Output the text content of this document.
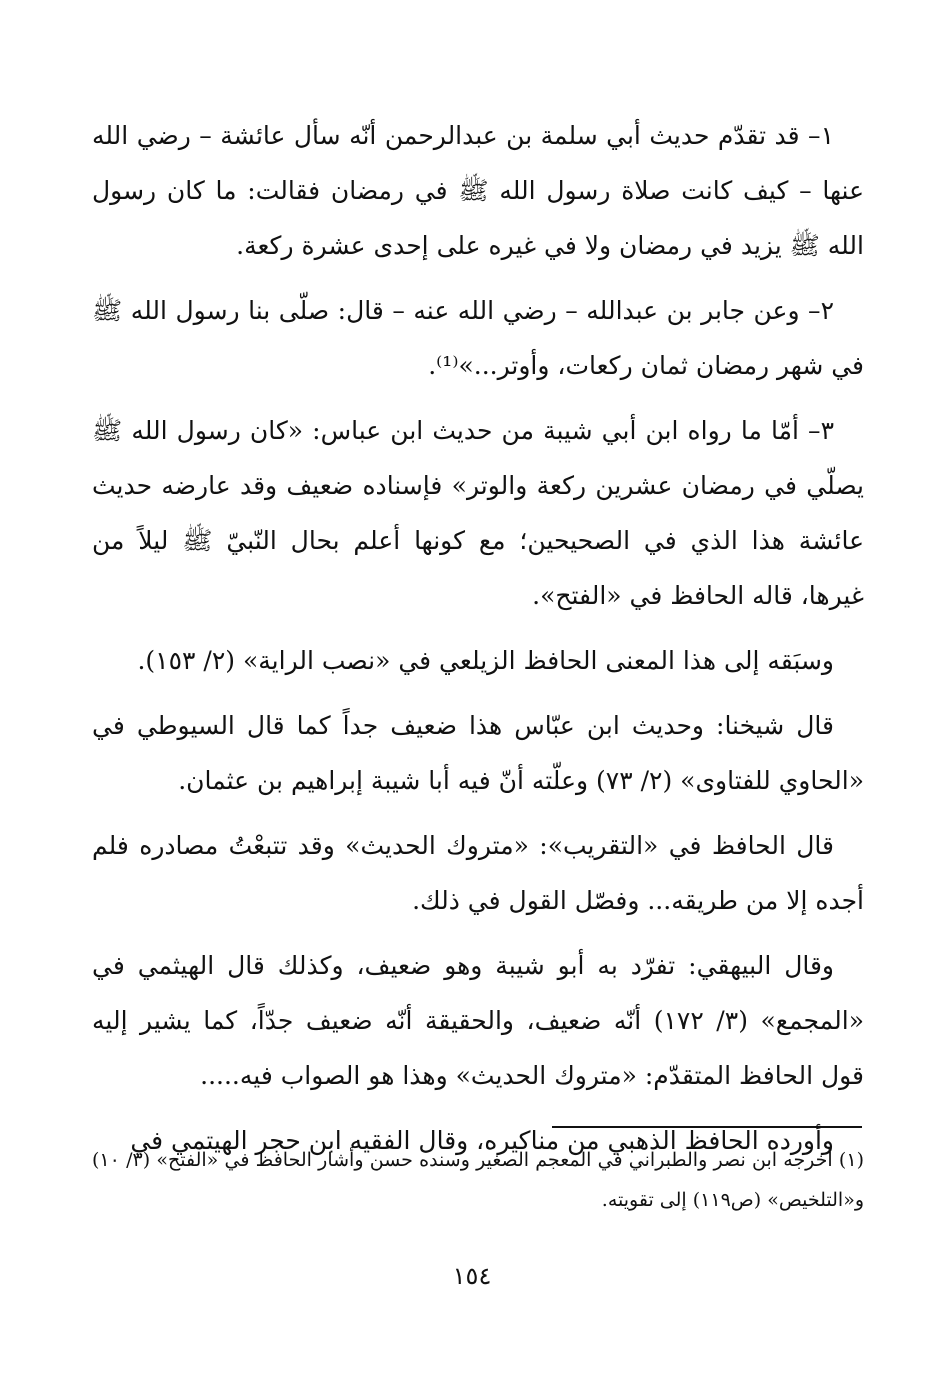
١– قد تقدّم حديث أبي سلمة بن عبدالرحمن أنّه سأل عائشة – رضي الله عنها – كيف كانت صلاة رسول الله ﷺ في رمضان فقالت: ما كان رسول الله ﷺ يزيد في رمضان ولا في غيره على إحدى عشرة ركعة.

٢– وعن جابر بن عبدالله – رضي الله عنه – قال: صلّى بنا رسول الله ﷺ في شهر رمضان ثمان ركعات، وأوتر...»⁽¹⁾.

٣– أمّا ما رواه ابن أبي شيبة من حديث ابن عباس: «كان رسول الله ﷺ يصلّي في رمضان عشرين ركعة والوتر» فإسناده ضعيف وقد عارضه حديث عائشة هذا الذي في الصحيحين؛ مع كونها أعلم بحال النّبيّ ﷺ ليلاً من غيرها، قاله الحافظ في «الفتح».

وسبَقه إلى هذا المعنى الحافظ الزيلعي في «نصب الراية» (٢/ ١٥٣).

قال شيخنا: وحديث ابن عبّاس هذا ضعيف جداً كما قال السيوطي في «الحاوي للفتاوى» (٢/ ٧٣) وعلّته أنّ فيه أبا شيبة إبراهيم بن عثمان.

قال الحافظ في «التقريب»: «متروك الحديث» وقد تتبعْتُ مصادره فلم أجده إلا من طريقه... وفصّل القول في ذلك.

وقال البيهقي: تفرّد به أبو شيبة وهو ضعيف، وكذلك قال الهيثمي في «المجمع» (٣/ ١٧٢) أنّه ضعيف، والحقيقة أنّه ضعيف جدّاً، كما يشير إليه قول الحافظ المتقدّم: «متروك الحديث» وهذا هو الصواب فيه.....

وأورده الحافظ الذهبي من مناكيره، وقال الفقيه ابن حجر الهيتمي في

(١) أخرجه ابن نصر والطبراني في المعجم الصغير وسنده حسن وأشار الحافظ في «الفتح» (٣/ ١٠) و«التلخيص» (ص١١٩) إلى تقويته.
١٥٤
